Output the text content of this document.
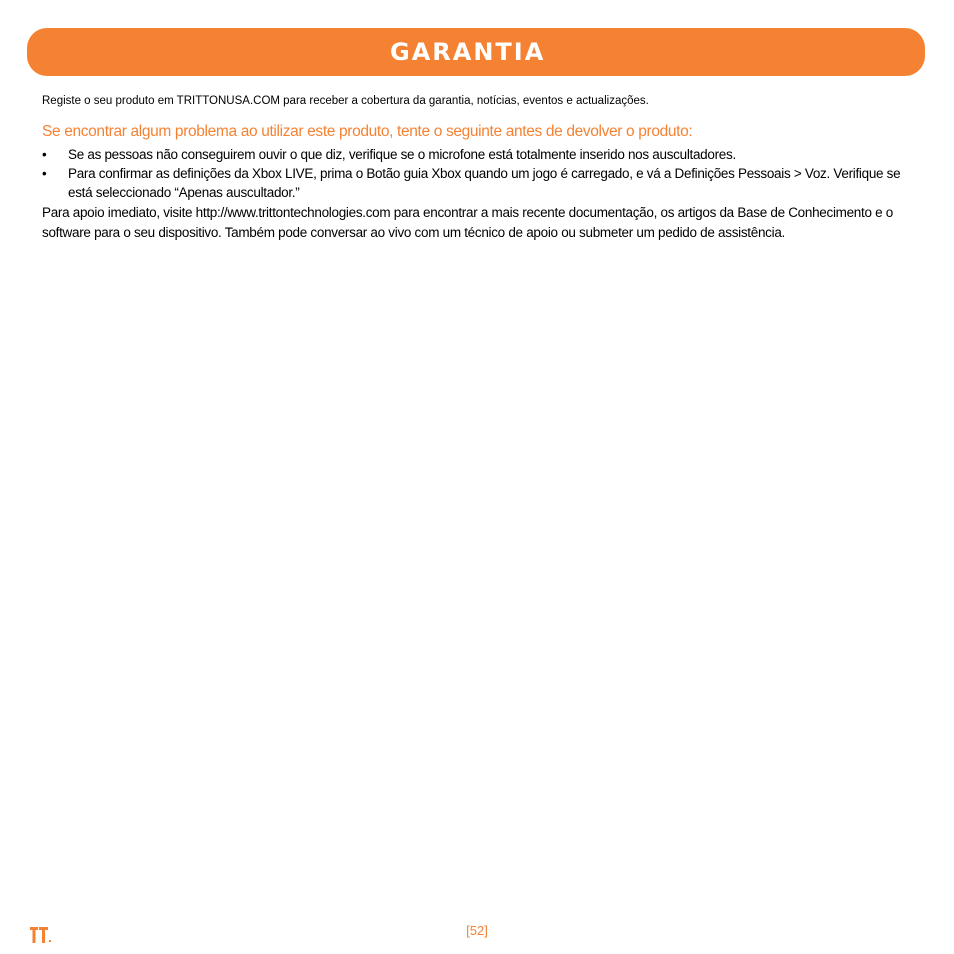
GARANTIA

Registe o seu produto em TRITTONUSA.COM para receber a cobertura da garantia, notícias, eventos e actualizações.

Se encontrar algum problema ao utilizar este produto, tente o seguinte antes de devolver o produto:
• Se as pessoas não conseguirem ouvir o que diz, verifique se o microfone está totalmente inserido nos auscultadores.
• Para confirmar as definições da Xbox LIVE, prima o Botão guia Xbox quando um jogo é carregado, e vá a Definições Pessoais > Voz. Verifique se está seleccionado “Apenas auscultador.”

Para apoio imediato, visite http://www.trittontechnologies.com para encontrar a mais recente documentação, os artigos da Base de Conhecimento e o software para o seu dispositivo. Também pode conversar ao vivo com um técnico de apoio ou submeter um pedido de assistência.

[52]
